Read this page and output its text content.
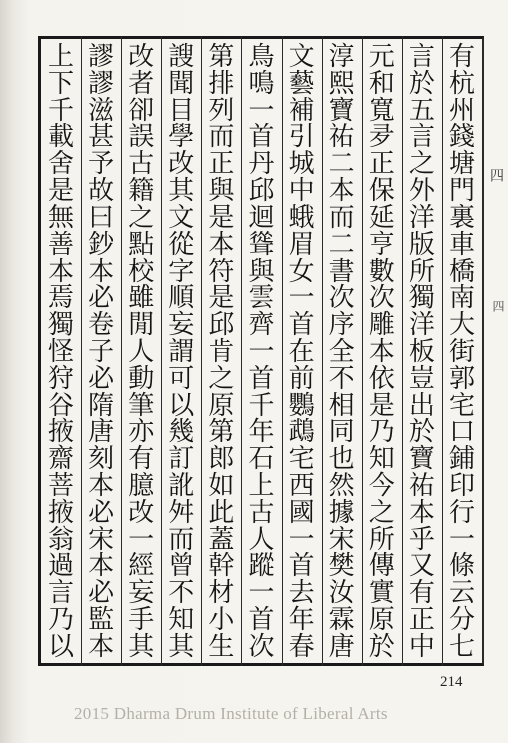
有
杭
州
錢
塘
門
裏
車
橋
南
大
街
郭
宅
口
鋪
印
行
一
條
云
分
七
言
於
五
言
之
外
洋
版
所
獨
洋
板
豈
出
於
寶
祐
本
乎
又
有
正
中
元
和
寬
夛
正
保
延
亨
數
次
雕
本
依
是
乃
知
今
之
所
傳
實
原
於
淳
熙
寶
祐
二
本
而
二
書
次
序
全
不
相
同
也
然
據
宋
樊
汝
霖
唐
文
藝
補
引
城
中
蛾
眉
女
一
首
在
前
鸚
鵡
宅
西
國
一
首
去
年
春
鳥
鳴
一
首
丹
邱
迴
聳
與
雲
齊
一
首
千
年
石
上
古
人
蹤
一
首
次
第
排
列
而
正
與
是
本
符
是
邱
肯
之
原
第
郎
如
此
蓋
幹
材
小
生
謏
聞
目
學
改
其
文
從
字
順
妄
謂
可
以
幾
訂
訛
舛
而
曾
不
知
其
改
者
卻
誤
古
籍
之
點
校
雖
閒
人
動
筆
亦
有
臆
改
一
經
妄
手
其
謬
謬
滋
甚
予
故
曰
鈔
本
必
卷
子
必
隋
唐
刻
本
必
宋
本
必
監
本
上
下
千
載
舍
是
無
善
本
焉
獨
怪
狩
谷
掖
齋
菩
掖
翁
過
言
乃
以
四
四
214
2015 Dharma Drum Institute of Liberal Arts
